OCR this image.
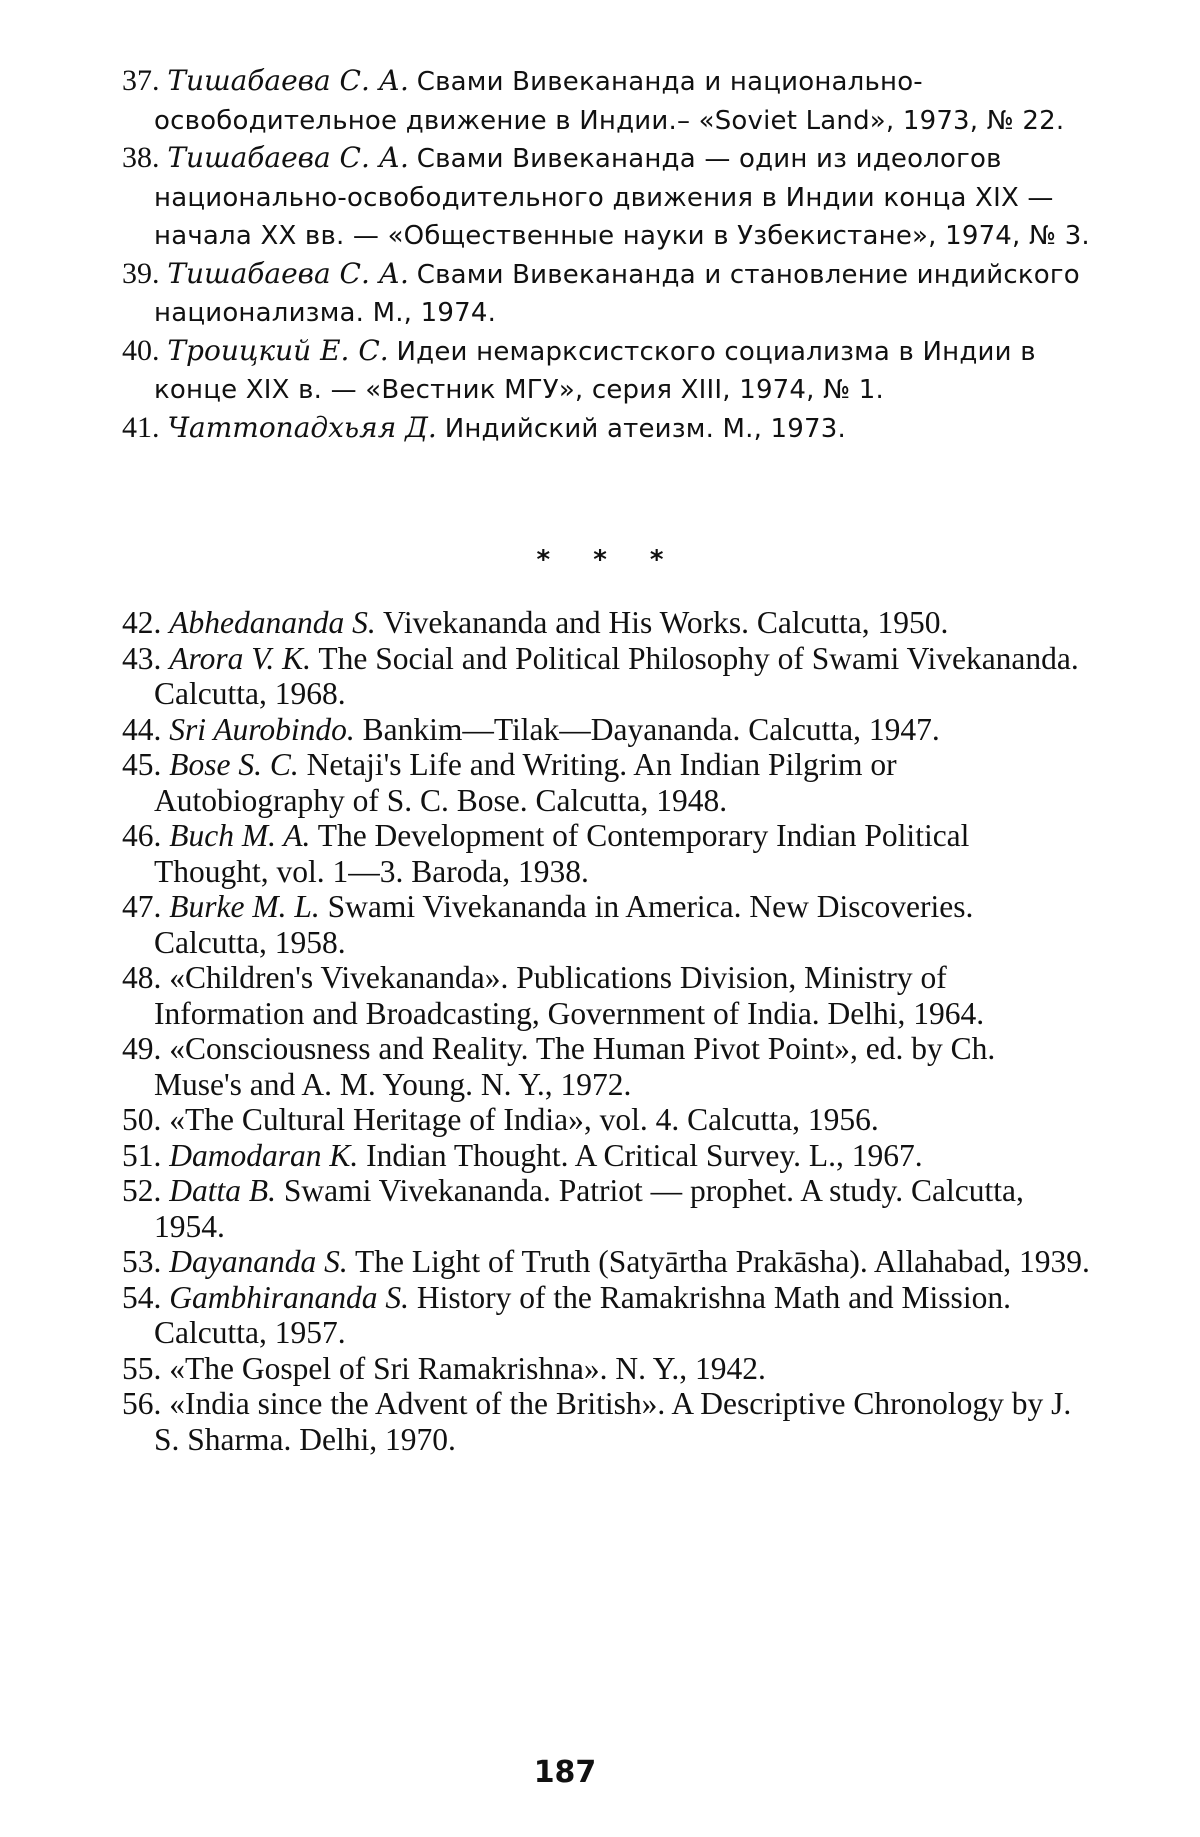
37. Тишабаева С. А. Свами Вивекананда и национально-освободительное движение в Индии.– «Soviet Land», 1973, № 22.

38. Тишабаева С. А. Свами Вивекананда — один из идеологов национально-освободительного движения в Индии конца XIX — начала XX вв. — «Общественные науки в Узбекистане», 1974, № 3.

39. Тишабаева С. А. Свами Вивекананда и становление индийского национализма. М., 1974.

40. Троицкий Е. С. Идеи немарксистского социализма в Индии в конце XIX в. — «Вестник МГУ», серия XIII, 1974, № 1.

41. Чаттопадхьяя Д. Индийский атеизм. М., 1973.

* * *

42. Abhedananda S. Vivekananda and His Works. Calcutta, 1950.

43. Arora V. K. The Social and Political Philosophy of Swami Vivekananda. Calcutta, 1968.

44. Sri Aurobindo. Bankim—Tilak—Dayananda. Calcutta, 1947.

45. Bose S. C. Netaji's Life and Writing. An Indian Pilgrim or Autobiography of S. C. Bose. Calcutta, 1948.

46. Buch M. A. The Development of Contemporary Indian Political Thought, vol. 1—3. Baroda, 1938.

47. Burke M. L. Swami Vivekananda in America. New Discoveries. Calcutta, 1958.

48. «Children's Vivekananda». Publications Division, Ministry of Information and Broadcasting, Government of India. Delhi, 1964.

49. «Consciousness and Reality. The Human Pivot Point», ed. by Ch. Muse's and A. M. Young. N. Y., 1972.

50. «The Cultural Heritage of India», vol. 4. Calcutta, 1956.

51. Damodaran K. Indian Thought. A Critical Survey. L., 1967.

52. Datta B. Swami Vivekananda. Patriot — prophet. A study. Calcutta, 1954.

53. Dayananda S. The Light of Truth (Satyārtha Prakāsha). Allahabad, 1939.

54. Gambhirananda S. History of the Ramakrishna Math and Mission. Calcutta, 1957.

55. «The Gospel of Sri Ramakrishna». N. Y., 1942.

56. «India since the Advent of the British». A Descriptive Chronology by J. S. Sharma. Delhi, 1970.

187
